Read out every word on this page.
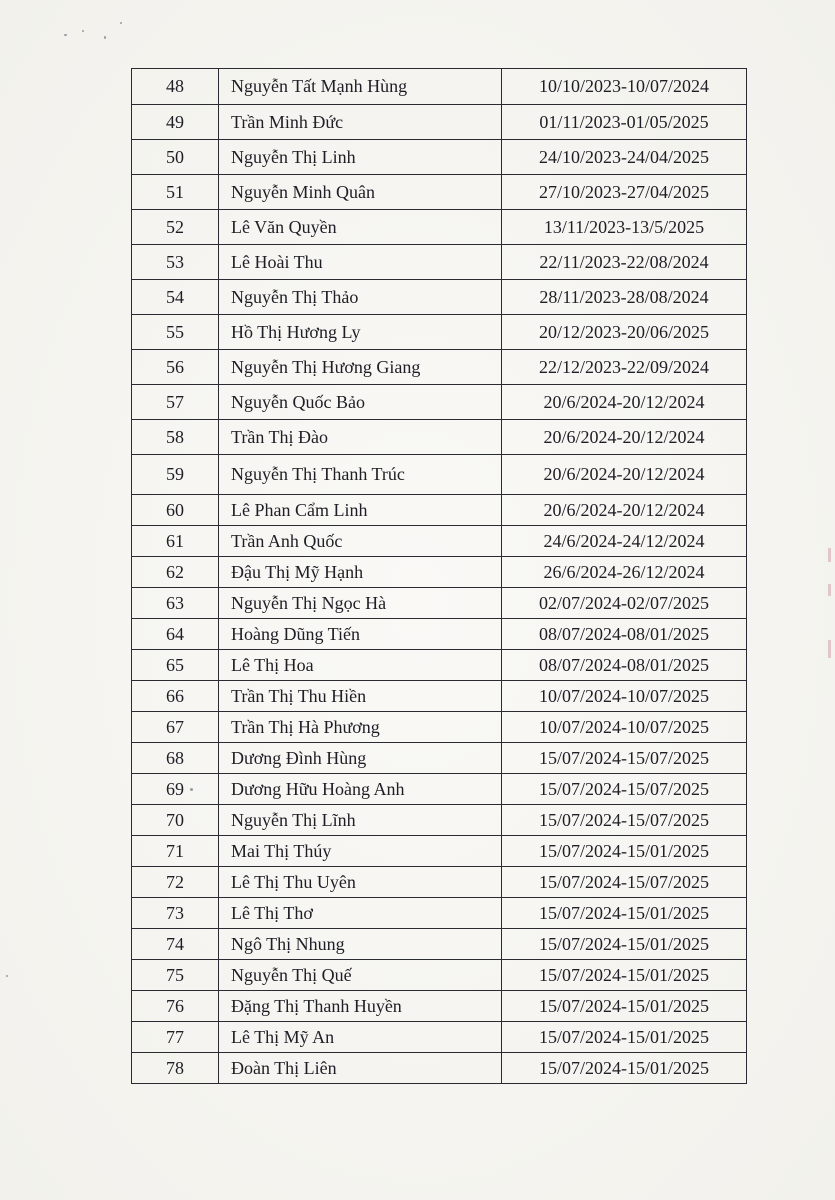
48	Nguyễn Tất Mạnh Hùng	10/10/2023-10/07/2024
49	Trần Minh Đức	01/11/2023-01/05/2025
50	Nguyễn Thị Linh	24/10/2023-24/04/2025
51	Nguyễn Minh Quân	27/10/2023-27/04/2025
52	Lê Văn Quyền	13/11/2023-13/5/2025
53	Lê Hoài Thu	22/11/2023-22/08/2024
54	Nguyễn Thị Thảo	28/11/2023-28/08/2024
55	Hồ Thị Hương Ly	20/12/2023-20/06/2025
56	Nguyễn Thị Hương Giang	22/12/2023-22/09/2024
57	Nguyễn Quốc Bảo	20/6/2024-20/12/2024
58	Trần Thị Đào	20/6/2024-20/12/2024
59	Nguyễn Thị Thanh Trúc	20/6/2024-20/12/2024
60	Lê Phan Cẩm Linh	20/6/2024-20/12/2024
61	Trần Anh Quốc	24/6/2024-24/12/2024
62	Đậu Thị Mỹ Hạnh	26/6/2024-26/12/2024
63	Nguyễn Thị Ngọc Hà	02/07/2024-02/07/2025
64	Hoàng Dũng Tiến	08/07/2024-08/01/2025
65	Lê Thị Hoa	08/07/2024-08/01/2025
66	Trần Thị Thu Hiền	10/07/2024-10/07/2025
67	Trần Thị Hà Phương	10/07/2024-10/07/2025
68	Dương Đình Hùng	15/07/2024-15/07/2025
69	Dương Hữu Hoàng Anh	15/07/2024-15/07/2025
70	Nguyễn Thị Lĩnh	15/07/2024-15/07/2025
71	Mai Thị Thúy	15/07/2024-15/01/2025
72	Lê Thị Thu Uyên	15/07/2024-15/07/2025
73	Lê Thị Thơ	15/07/2024-15/01/2025
74	Ngô Thị Nhung	15/07/2024-15/01/2025
75	Nguyễn Thị Quế	15/07/2024-15/01/2025
76	Đặng Thị Thanh Huyền	15/07/2024-15/01/2025
77	Lê Thị Mỹ An	15/07/2024-15/01/2025
78	Đoàn Thị Liên	15/07/2024-15/01/2025
